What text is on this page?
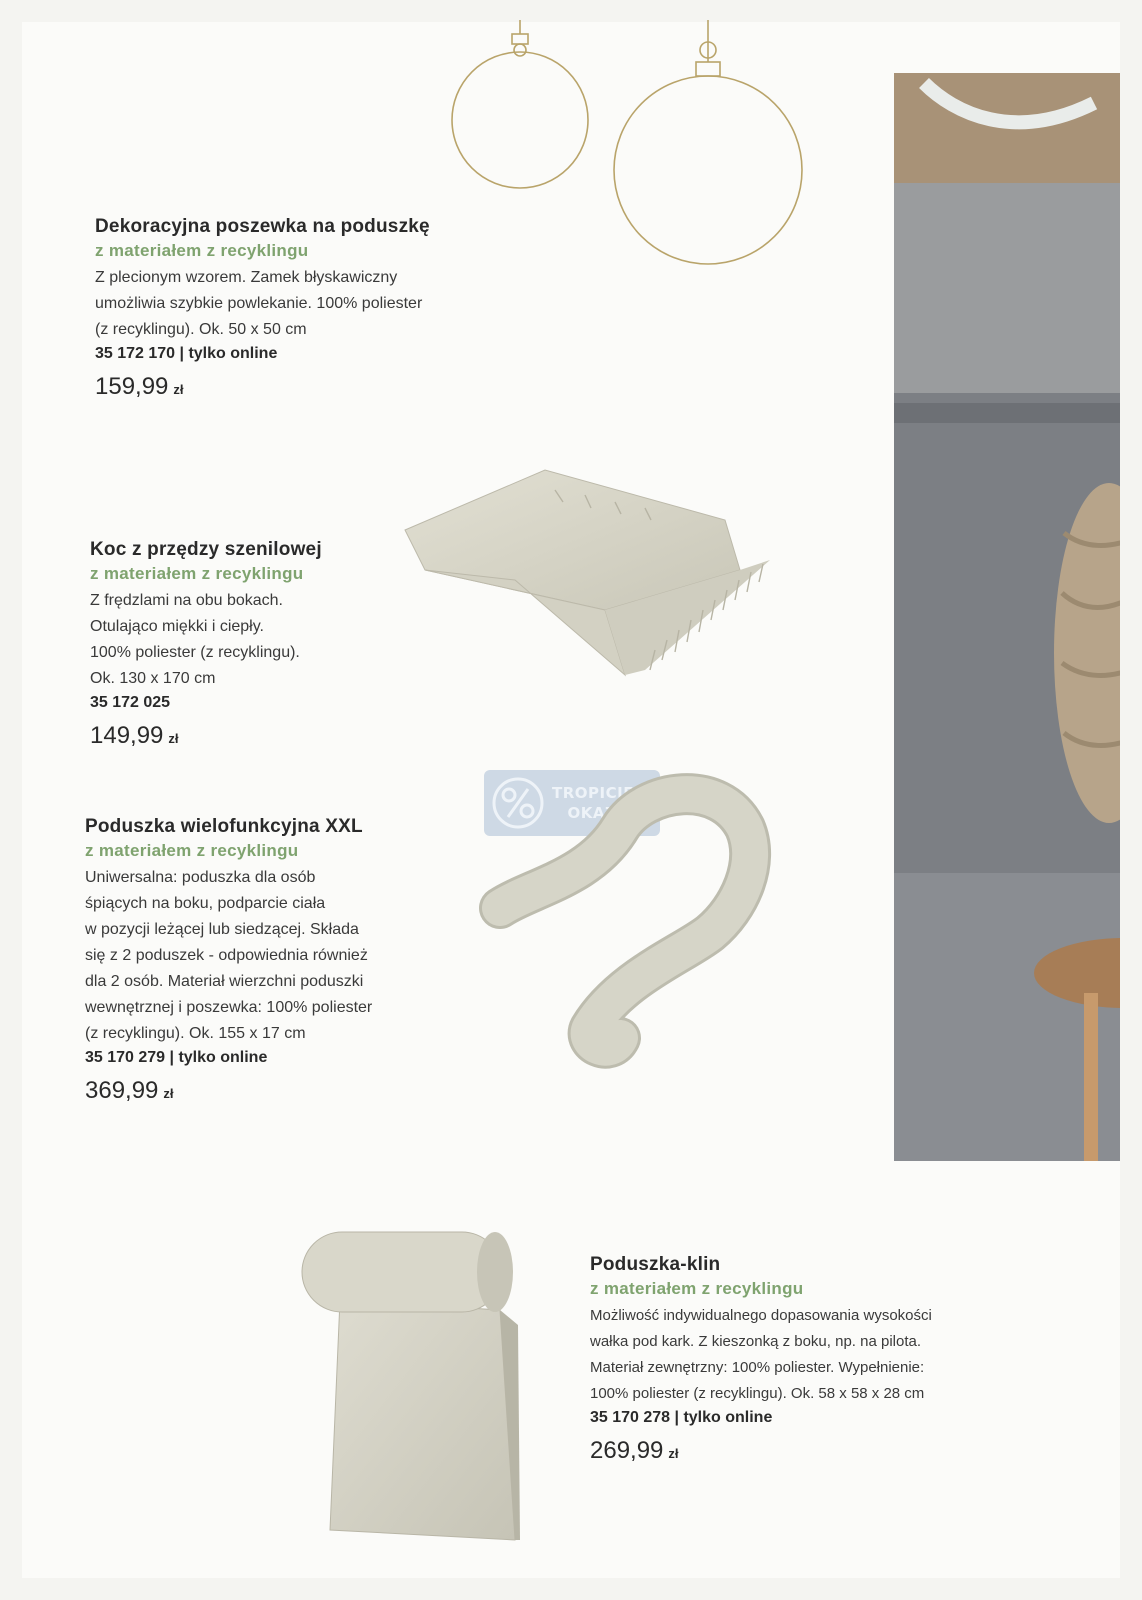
Dekoracyjna poszewka na poduszkę

z materiałem z recyklingu

Z plecionym wzorem. Zamek błyskawiczny
umożliwia szybkie powlekanie. 100% poliester
(z recyklingu). Ok. 50 x 50 cm

35 172 170 | tylko online

159,99 zł

Koc z przędzy szenilowej

z materiałem z recyklingu

Z frędzlami na obu bokach.
Otulająco miękki i ciepły.
100% poliester (z recyklingu).
Ok. 130 x 170 cm

35 172 025

149,99 zł
TROPICIEL
OKAZJI

Poduszka wielofunkcyjna XXL

z materiałem z recyklingu

Uniwersalna: poduszka dla osób
śpiących na boku, podparcie ciała
w pozycji leżącej lub siedzącej. Składa
się z 2 poduszek - odpowiednia również
dla 2 osób. Materiał wierzchni poduszki
wewnętrznej i poszewka: 100% poliester
(z recyklingu). Ok. 155 x 17 cm

35 170 279 | tylko online

369,99 zł

Poduszka-klin

z materiałem z recyklingu

Możliwość indywidualnego dopasowania wysokości
wałka pod kark. Z kieszonką z boku, np. na pilota.
Materiał zewnętrzny: 100% poliester. Wypełnienie:
100% poliester (z recyklingu). Ok. 58 x 58 x 28 cm

35 170 278 | tylko online

269,99 zł
